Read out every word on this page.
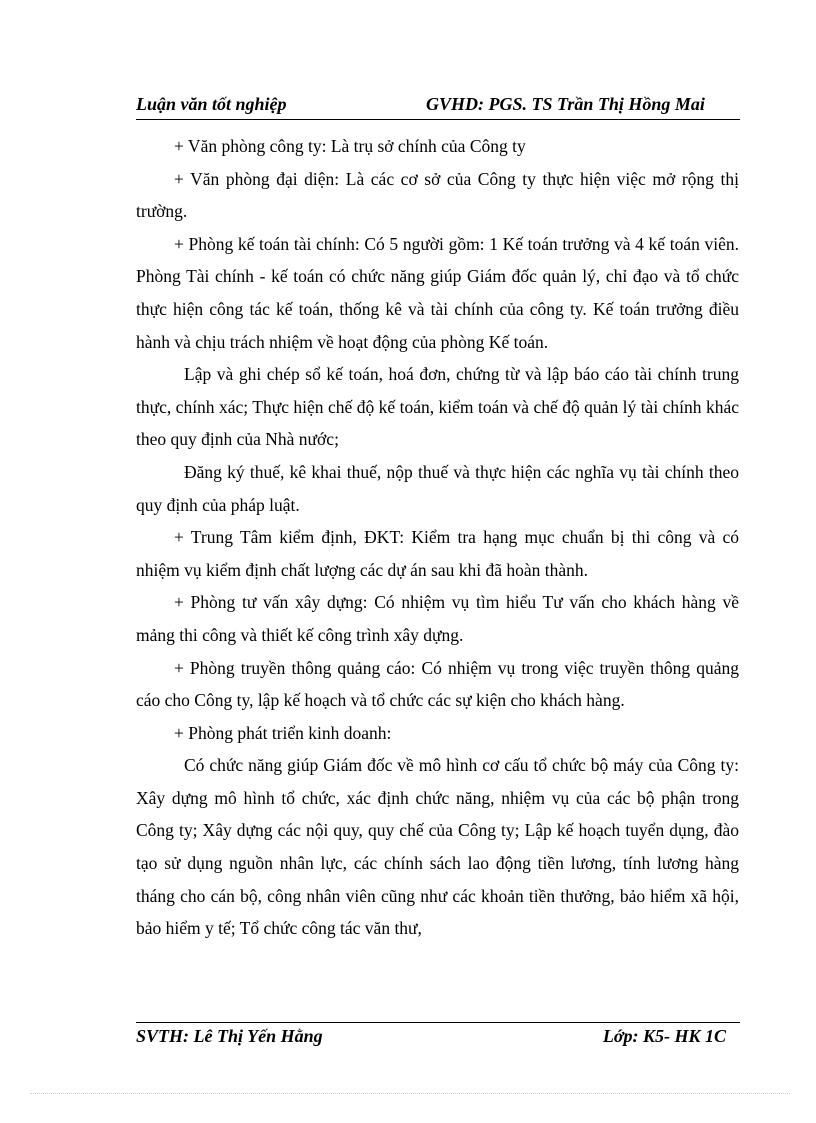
Luận văn tốt nghiệp	GVHD: PGS. TS Trần Thị Hồng Mai

+ Văn phòng công ty: Là trụ sở chính của Công ty

+ Văn phòng đại diện: Là các cơ sở của Công ty thực hiện việc mở rộng thị trường.

+ Phòng kế toán tài chính: Có 5 người gồm: 1 Kế toán trưởng và 4 kế toán viên. Phòng Tài chính - kế toán có chức năng giúp Giám đốc quản lý, chỉ đạo và tổ chức thực hiện công tác kế toán, thống kê và tài chính của công ty. Kế toán trưởng điều hành và chịu trách nhiệm về hoạt động của phòng Kế toán.

Lập và ghi chép sổ kế toán, hoá đơn, chứng từ và lập báo cáo tài chính trung thực, chính xác; Thực hiện chế độ kế toán, kiểm toán và chế độ quản lý tài chính khác theo quy định của Nhà nước;

Đăng ký thuế, kê khai thuế, nộp thuế và thực hiện các nghĩa vụ tài chính theo quy định của pháp luật.

+ Trung Tâm kiểm định, ĐKT: Kiểm tra hạng mục chuẩn bị thi công và có nhiệm vụ kiểm định chất lượng các dự án sau khi đã hoàn thành.

+ Phòng tư vấn xây dựng: Có nhiệm vụ tìm hiểu Tư vấn cho khách hàng về mảng thi công và thiết kế công trình xây dựng.

+ Phòng truyền thông quảng cáo: Có nhiệm vụ trong việc truyền thông quảng cáo cho Công ty, lập kế hoạch và tổ chức các sự kiện cho khách hàng.

+ Phòng phát triển kinh doanh:

Có chức năng giúp Giám đốc về mô hình cơ cấu tổ chức bộ máy của Công ty: Xây dựng mô hình tổ chức, xác định chức năng, nhiệm vụ của các bộ phận trong Công ty; Xây dựng các nội quy, quy chế của Công ty; Lập kế hoạch tuyển dụng, đào tạo sử dụng nguồn nhân lực, các chính sách lao động tiền lương, tính lương hàng tháng cho cán bộ, công nhân viên cũng như các khoản tiền thưởng, bảo hiểm xã hội, bảo hiểm y tế; Tổ chức công tác văn thư,

SVTH: Lê Thị Yến Hằng	Lớp: K5- HK 1C
